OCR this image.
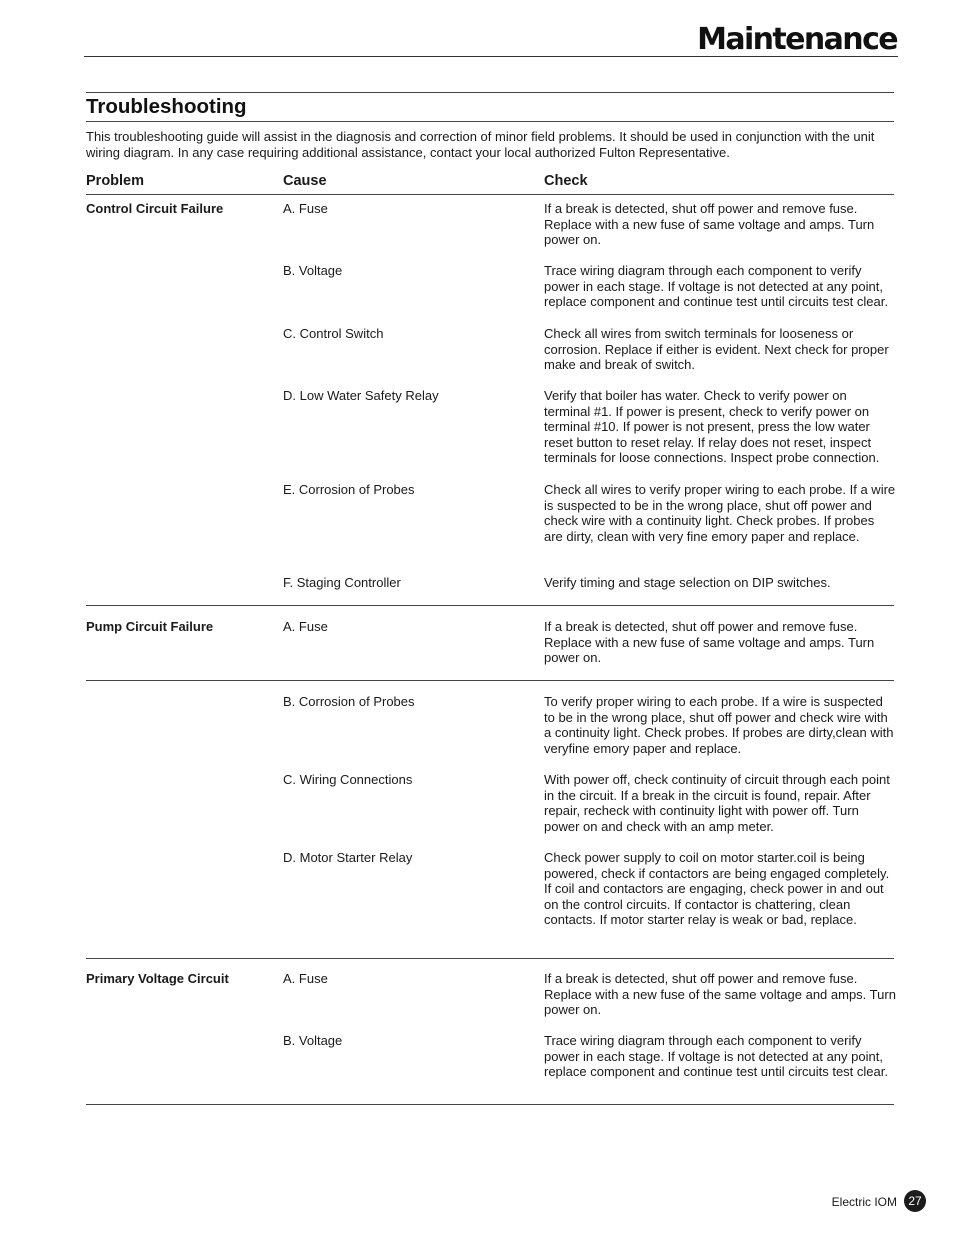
Maintenance
Troubleshooting

This troubleshooting guide will assist in the diagnosis and correction of minor field problems. It should be used in conjunction with the unit wiring diagram. In any case requiring additional assistance, contact your local authorized Fulton Representative.

Problem	Cause	Check
Control Circuit Failure	A. Fuse	If a break is detected, shut off power and remove fuse. Replace with a new fuse of same voltage and amps. Turn power on.
B. Voltage	Trace wiring diagram through each component to verify power in each stage. If voltage is not detected at any point, replace component and continue test until circuits test clear.
C. Control Switch	Check all wires from switch terminals for looseness or corrosion. Replace if either is evident. Next check for proper make and break of switch.
D. Low Water Safety Relay	Verify that boiler has water. Check to verify power on terminal #1. If power is present, check to verify power on terminal #10. If power is not present, press the low water reset button to reset relay. If relay does not reset, inspect terminals for loose connections. Inspect probe connection.
E. Corrosion of Probes	Check all wires to verify proper wiring to each probe. If a wire is suspected to be in the wrong place, shut off power and check wire with a continuity light. Check probes. If probes are dirty, clean with very fine emory paper and replace.
F. Staging Controller	Verify timing and stage selection on DIP switches.
Pump Circuit Failure	A. Fuse	If a break is detected, shut off power and remove fuse. Replace with a new fuse of same voltage and amps. Turn power on.
B. Corrosion of Probes	To verify proper wiring to each probe. If a wire is suspected to be in the wrong place, shut off power and check wire with a continuity light. Check probes. If probes are dirty,clean with veryfine emory paper and replace.
C. Wiring Connections	With power off, check continuity of circuit through each point in the circuit. If a break in the circuit is found, repair. After repair, recheck with continuity light with power off. Turn power on and check with an amp meter.
D. Motor Starter Relay	Check power supply to coil on motor starter.coil is being powered, check if contactors are being engaged completely. If coil and contactors are engaging, check power in and out on the control circuits. If contactor is chattering, clean contacts. If motor starter relay is weak or bad, replace.
Primary Voltage Circuit	A. Fuse	If a break is detected, shut off power and remove fuse. Replace with a new fuse of the same voltage and amps. Turn power on.
B. Voltage	Trace wiring diagram through each component to verify power in each stage. If voltage is not detected at any point, replace component and continue test until circuits test clear.
Electric IOM 27
